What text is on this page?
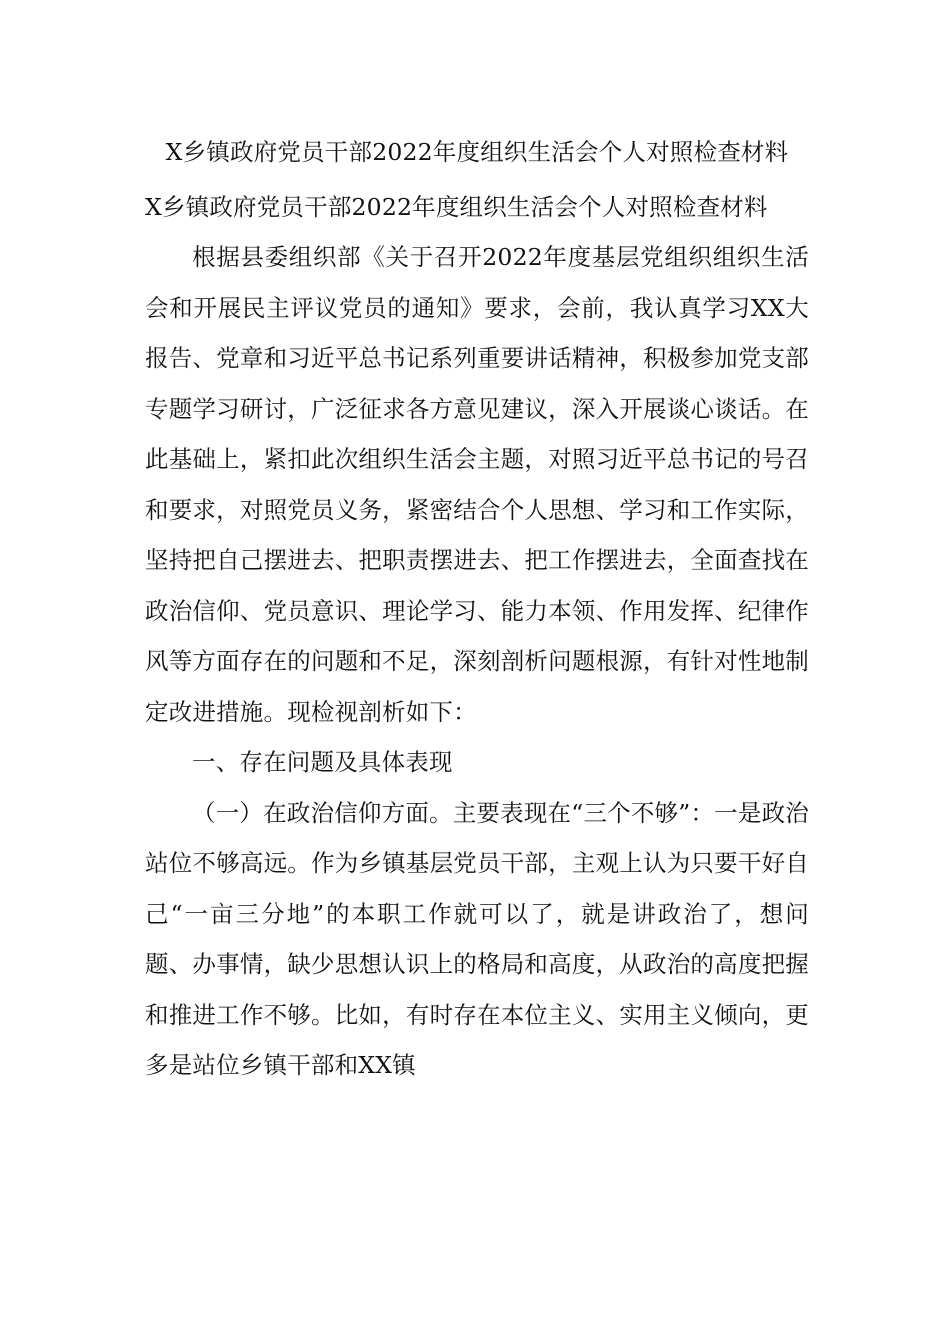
X乡镇政府党员干部2022年度组织生活会个人对照检查材料

X乡镇政府党员干部2022年度组织生活会个人对照检查材料

根据县委组织部《关于召开2022年度基层党组织组织生活会和开展民主评议党员的通知》要求，会前，我认真学习XX大报告、党章和习近平总书记系列重要讲话精神，积极参加党支部专题学习研讨，广泛征求各方意见建议，深入开展谈心谈话。在此基础上，紧扣此次组织生活会主题，对照习近平总书记的号召和要求，对照党员义务，紧密结合个人思想、学习和工作实际，坚持把自己摆进去、把职责摆进去、把工作摆进去，全面查找在政治信仰、党员意识、理论学习、能力本领、作用发挥、纪律作风等方面存在的问题和不足，深刻剖析问题根源，有针对性地制定改进措施。现检视剖析如下：

一、存在问题及具体表现

（一）在政治信仰方面。主要表现在“三个不够”：一是政治站位不够高远。作为乡镇基层党员干部，主观上认为只要干好自己“一亩三分地”的本职工作就可以了，就是讲政治了，想问题、办事情，缺少思想认识上的格局和高度，从政治的高度把握和推进工作不够。比如，有时存在本位主义、实用主义倾向，更多是站位乡镇干部和XX镇
